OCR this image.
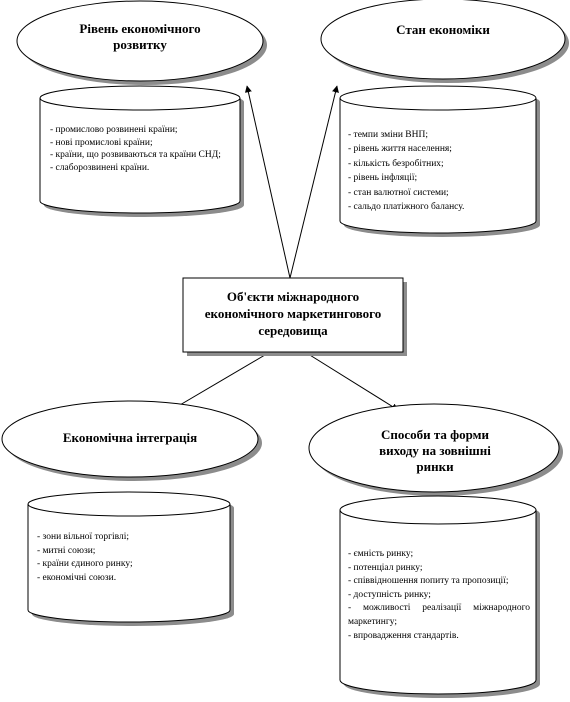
Рівень економічного розвитку
Стан економіки
Об'єкти міжнародного економічного маркетингового середовища
Економічна інтеграція	Способи та форми виходу на зовнішні ринки
- промислово розвинені країни;
- нові промислові країни;
- країни, що розвиваються та країни СНД;
- слаборозвинені країни.
- темпи зміни ВНП;
- рівень життя населення;
- кількість безробітних;
- рівень інфляції;
- стан валютної системи;
- сальдо платіжного балансу.
- зони вільної торгівлі;
- митні союзи;
- країни єдиного ринку;
- економічні союзи.
- ємність ринку;
- потенціал ринку;
- співвідношення попиту та пропозиції;
- доступність ринку;
- можливості реалізації міжнародного маркетингу;
- впровадження стандартів.
